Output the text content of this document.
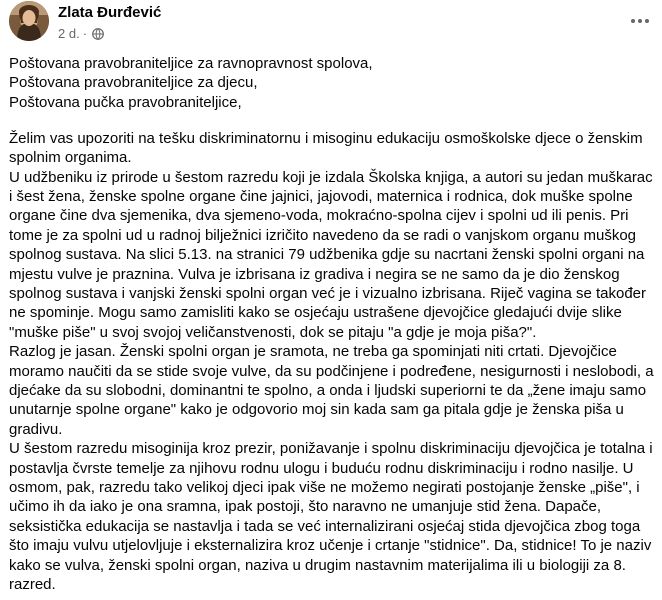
Zlata Đurđević
2 d. ·

Poštovana pravobraniteljice za ravnopravnost spolova,

Poštovana pravobraniteljice za djecu,

Poštovana pučka pravobraniteljice,

Želim vas upozoriti na tešku diskriminatornu i misoginu edukaciju osmoškolske djece o ženskim spolnim organima.

U udžbeniku iz prirode u šestom razredu koji je izdala Školska knjiga, a autori su jedan muškarac i šest žena, ženske spolne organe čine jajnici, jajovodi, maternica i rodnica, dok muške spolne organe čine dva sjemenika, dva sjemeno-voda, mokraćno-spolna cijev i spolni ud ili penis. Pri tome je za spolni ud u radnoj bilježnici izričito navedeno da se radi o vanjskom organu muškog spolnog sustava. Na slici 5.13. na stranici 79 udžbenika gdje su nacrtani ženski spolni organi na mjestu vulve je praznina. Vulva je izbrisana iz gradiva i negira se ne samo da je dio ženskog spolnog sustava i vanjski ženski spolni organ već je i vizualno izbrisana. Riječ vagina se također ne spominje. Mogu samo zamisliti kako se osjećaju ustrašene djevojčice gledajući dvije slike "muške piše" u svoj svojoj veličanstvenosti, dok se pitaju "a gdje je moja piša?".

Razlog je jasan. Ženski spolni organ je sramota, ne treba ga spominjati niti crtati. Djevojčice moramo naučiti da se stide svoje vulve, da su podčinjene i podređene, nesigurnosti i neslobodi, a djećake da su slobodni, dominantni te spolno, a onda i ljudski superiorni te da „žene imaju samo unutarnje spolne organe" kako je odgovorio moj sin kada sam ga pitala gdje je ženska piša u gradivu.

U šestom razredu misoginija kroz prezir, ponižavanje i spolnu diskriminaciju djevojčica je totalna i postavlja čvrste temelje za njihovu rodnu ulogu i buduću rodnu diskriminaciju i rodno nasilje. U osmom, pak, razredu tako velikoj djeci ipak više ne možemo negirati postojanje ženske „piše", i učimo ih da iako je ona sramna, ipak postoji, što naravno ne umanjuje stid žena. Dapače, seksistička edukacija se nastavlja i tada se već internalizirani osjećaj stida djevojčica zbog toga što imaju vulvu utjelovljuje i eksternalizira kroz učenje i crtanje "stidnice". Da, stidnice! To je naziv kako se vulva, ženski spolni organ, naziva u drugim nastavnim materijalima ili u biologiji za 8. razred.
